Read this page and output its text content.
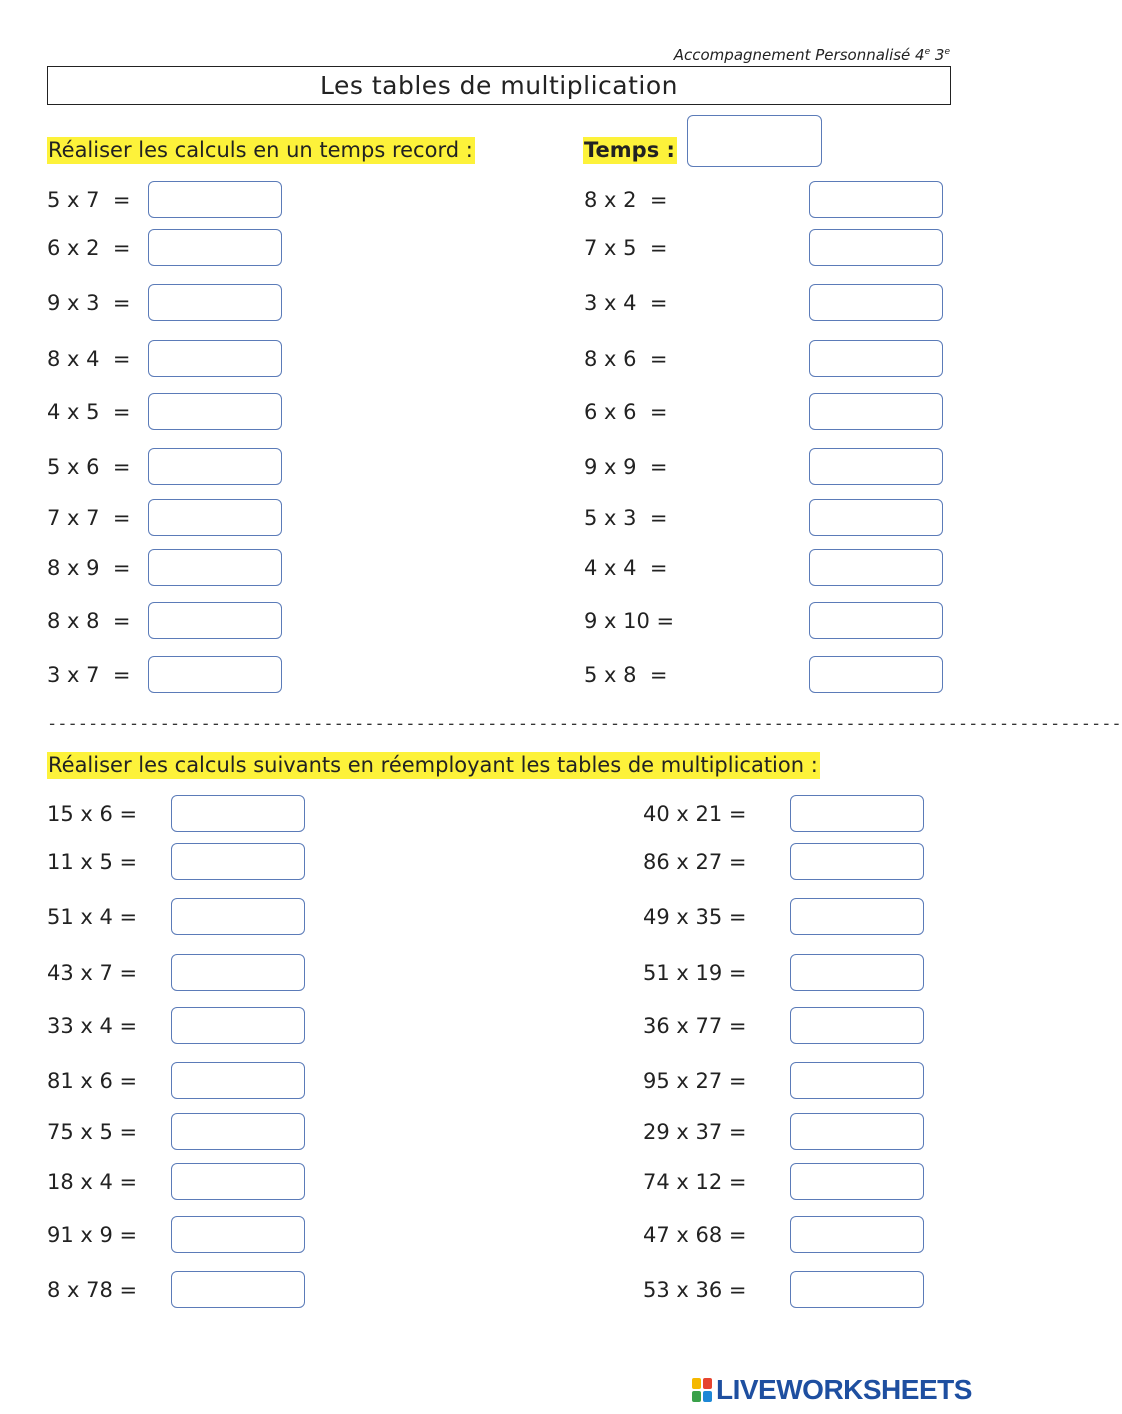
Accompagnement Personnalisé 4e 3e
Les tables de multiplication
Réaliser les calculs en un temps record :	Temps :
5 x 7  =
6 x 2  =
9 x 3  =
8 x 4  =
4 x 5  =
5 x 6  =
7 x 7  =
8 x 9  =
8 x 8  =
3 x 7  =
8 x 2  =
7 x 5  =
3 x 4  =
8 x 6  =
6 x 6  =
9 x 9  =
5 x 3  =
4 x 4  =
9 x 10 =
5 x 8  =
---------------------------------------------------------------------------------------------------------
Réaliser les calculs suivants en réemployant les tables de multiplication :
15 x 6 =
11 x 5 =
51 x 4 =
43 x 7 =
33 x 4 =
81 x 6 =
75 x 5 =
18 x 4 =
91 x 9 =
8 x 78 =
40 x 21 =
86 x 27 =
49 x 35 =
51 x 19 =
36 x 77 =
95 x 27 =
29 x 37 =
74 x 12 =
47 x 68 =
53 x 36 =
LIVEWORKSHEETS
